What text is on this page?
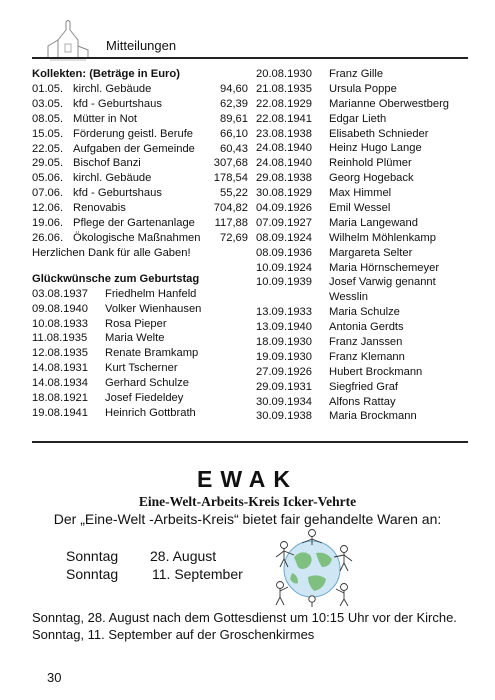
Mitteilungen
Kollekten: (Beträge in Euro)
01.05. kirchl. Gebäude	94,60
03.05. kfd - Geburtshaus	62,39
08.05. Mütter in Not	89,61
15.05. Förderung geistl. Berufe 66,10
22.05. Aufgaben der Gemeinde 60,43
29.05. Bischof Banzi	307,68
05.06. kirchl. Gebäude	178,54
07.06. kfd - Geburtshaus	55,22
12.06. Renovabis	704,82
19.06. Pflege der Gartenanlage 117,88
26.06. Ökologische Maßnahmen 72,69
Herzlichen Dank für alle Gaben!
Glückwünsche zum Geburtstag
03.08.1937 Friedhelm Hanfeld
09.08.1940 Volker Wienhausen
10.08.1933 Rosa Pieper
11.08.1935 Maria Welte
12.08.1935 Renate Bramkamp
14.08.1931 Kurt Tscherner
14.08.1934 Gerhard Schulze
18.08.1921 Josef Fiedeldey
19.08.1941 Heinrich Gottbrath
20.08.1930 Franz Gille
21.08.1935 Ursula Poppe
22.08.1929 Marianne Oberwestberg
22.08.1941 Edgar Lieth
23.08.1938 Elisabeth Schnieder
24.08.1940 Heinz Hugo Lange
24.08.1940 Reinhold Plümer
29.08.1938 Georg Hogeback
30.08.1929 Max Himmel
04.09.1926 Emil Wessel
07.09.1927 Maria Langewand
08.09.1924 Wilhelm Möhlenkamp
08.09.1936 Margareta Selter
10.09.1924 Maria Hörnschemeyer
10.09.1939 Josef Varwig genannt
Wesslin
13.09.1933 Maria Schulze
13.09.1940 Antonia Gerdts
18.09.1930 Franz Janssen
19.09.1930 Franz Klemann
27.09.1926 Hubert Brockmann
29.09.1931 Siegfried Graf
30.09.1934 Alfons Rattay
30.09.1938 Maria Brockmann
EWAK
Eine-Welt-Arbeits-Kreis Icker-Vehrte
Der „Eine-Welt -Arbeits-Kreis“ bietet fair gehandelte Waren an:
Sonntag 28. August
Sonntag 11. September
Sonntag, 28. August nach dem Gottesdienst um 10:15 Uhr vor der Kirche.
Sonntag, 11. September auf der Groschenkirmes
30
